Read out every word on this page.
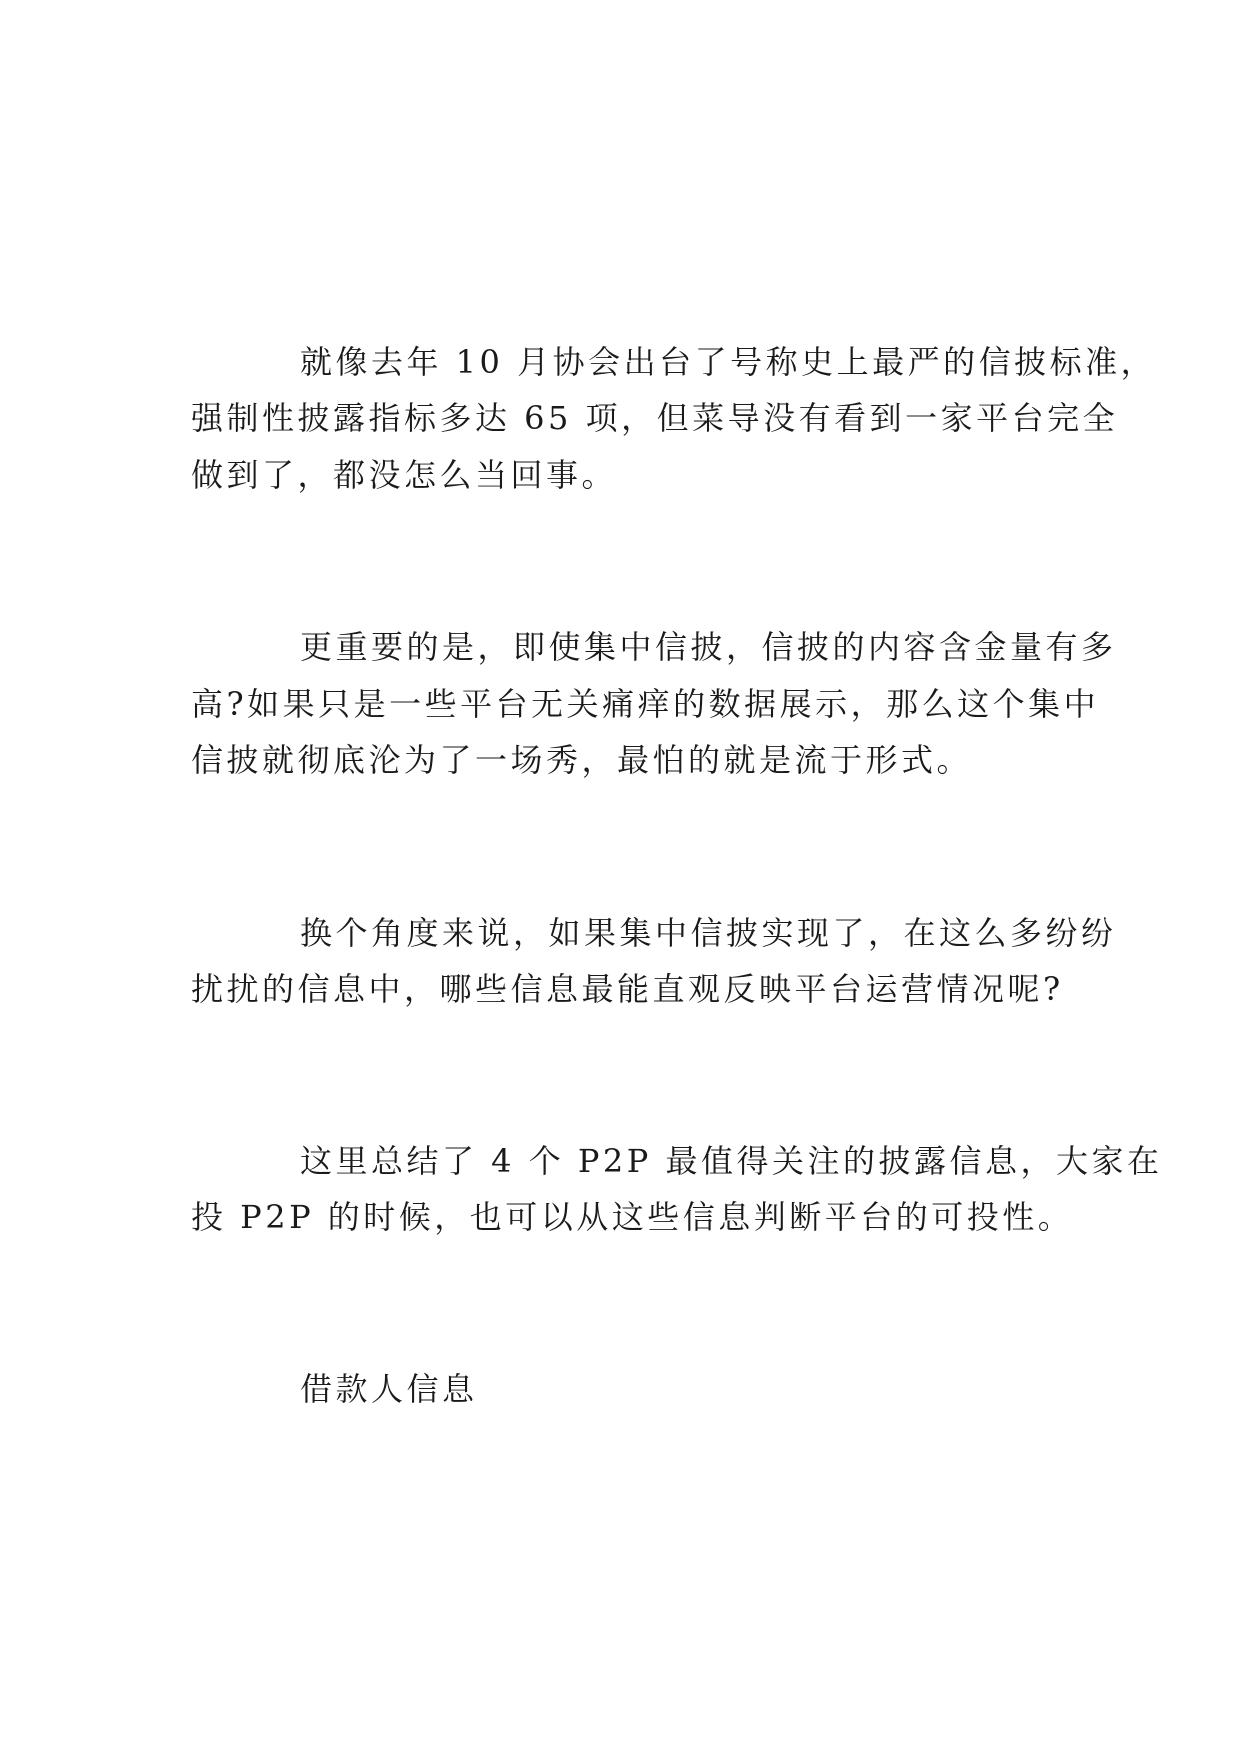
就像去年 10 月协会出台了号称史上最严的信披标准，

强制性披露指标多达 65 项，但菜导没有看到一家平台完全

做到了，都没怎么当回事。

更重要的是，即使集中信披，信披的内容含金量有多

高?如果只是一些平台无关痛痒的数据展示，那么这个集中

信披就彻底沦为了一场秀，最怕的就是流于形式。

换个角度来说，如果集中信披实现了，在这么多纷纷

扰扰的信息中，哪些信息最能直观反映平台运营情况呢?

这里总结了 4 个 P2P 最值得关注的披露信息，大家在

投 P2P 的时候，也可以从这些信息判断平台的可投性。

借款人信息
